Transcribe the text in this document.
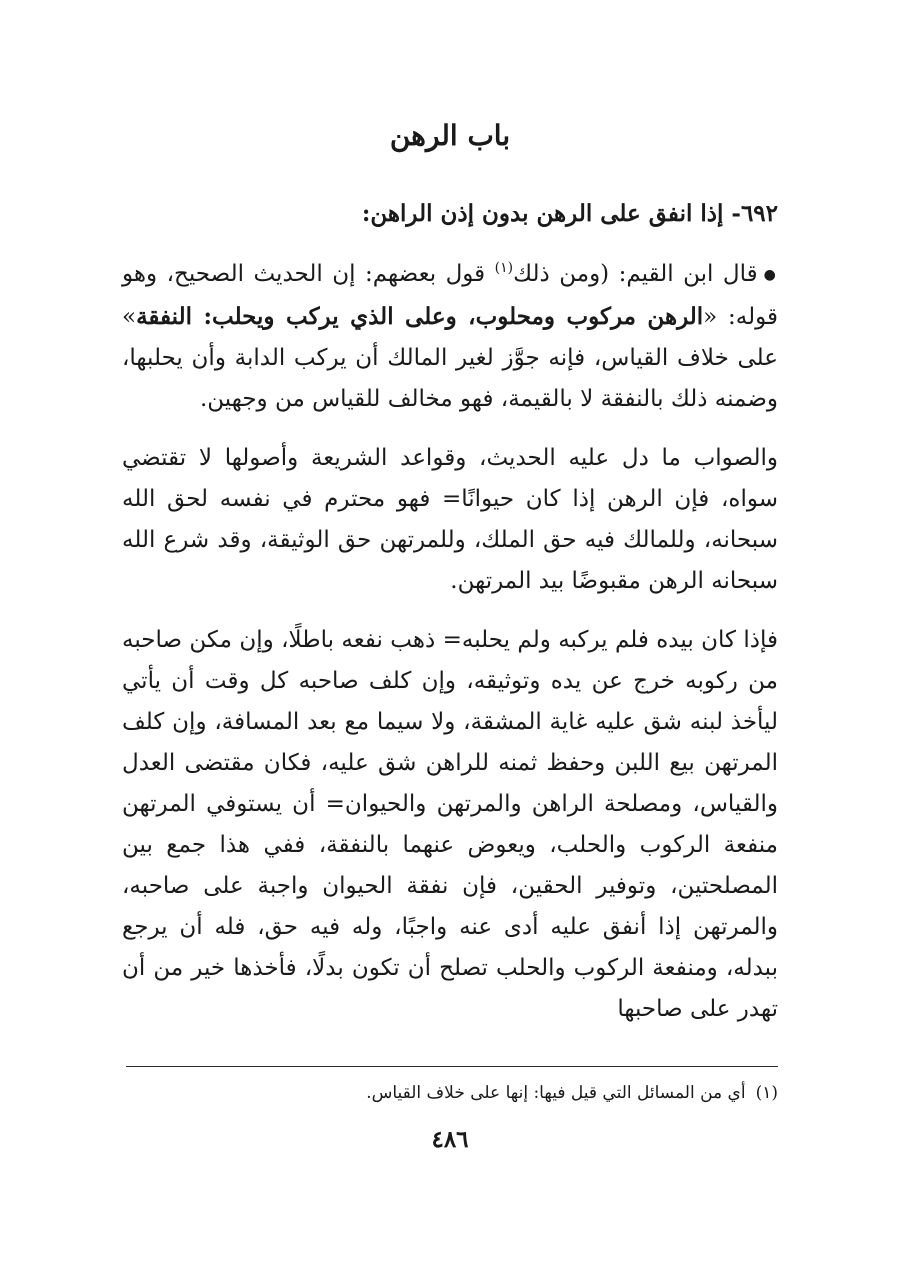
باب الرهن

٦٩٢- إذا انفق على الرهن بدون إذن الراهن:

●قال ابن القيم: (ومن ذلك$^{(١)}$ قول بعضهم: إن الحديث الصحيح، وهو قوله: «الرهن مركوب ومحلوب، وعلى الذي يركب ويحلب: النفقة» على خلاف القياس، فإنه جوَّز لغير المالك أن يركب الدابة وأن يحلبها، وضمنه ذلك بالنفقة لا بالقيمة، فهو مخالف للقياس من وجهين.

والصواب ما دل عليه الحديث، وقواعد الشريعة وأصولها لا تقتضي سواه، فإن الرهن إذا كان حيوانًا= فهو محترم في نفسه لحق الله سبحانه، وللمالك فيه حق الملك، وللمرتهن حق الوثيقة، وقد شرع الله سبحانه الرهن مقبوضًا بيد المرتهن.

فإذا كان بيده فلم يركبه ولم يحلبه= ذهب نفعه باطلًا، وإن مكن صاحبه من ركوبه خرج عن يده وتوثيقه، وإن كلف صاحبه كل وقت أن يأتي ليأخذ لبنه شق عليه غاية المشقة، ولا سيما مع بعد المسافة، وإن كلف المرتهن بيع اللبن وحفظ ثمنه للراهن شق عليه، فكان مقتضى العدل والقياس، ومصلحة الراهن والمرتهن والحيوان= أن يستوفي المرتهن منفعة الركوب والحلب، ويعوض عنهما بالنفقة، ففي هذا جمع بين المصلحتين، وتوفير الحقين، فإن نفقة الحيوان واجبة على صاحبه، والمرتهن إذا أنفق عليه أدى عنه واجبًا، وله فيه حق، فله أن يرجع ببدله، ومنفعة الركوب والحلب تصلح أن تكون بدلًا، فأخذها خير من أن تهدر على صاحبها

(١)أي من المسائل التي قيل فيها: إنها على خلاف القياس.
٤٨٦
